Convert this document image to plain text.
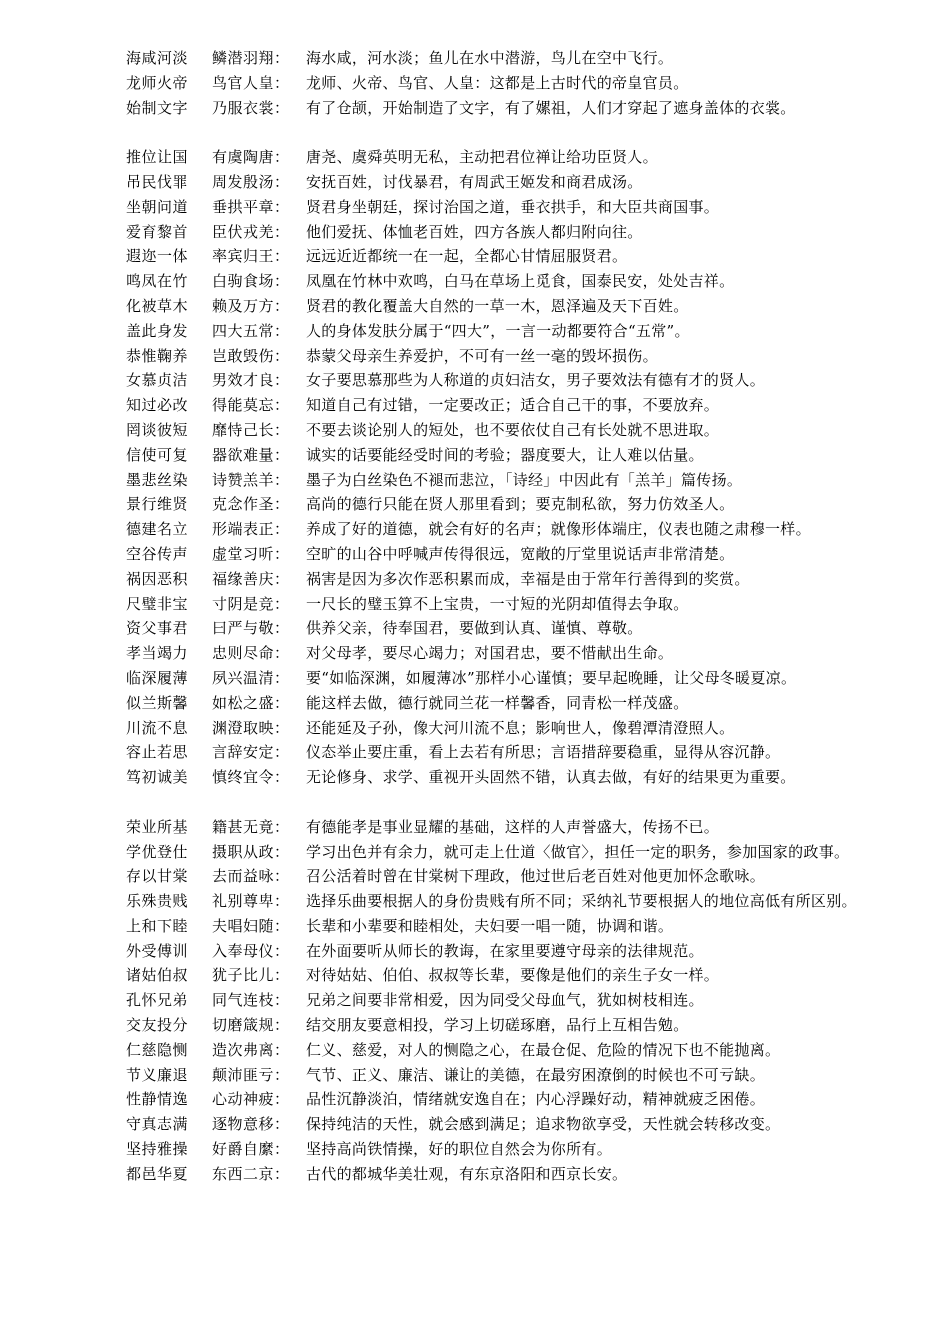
海咸河淡	鳞潜羽翔：	海水咸，河水淡；鱼儿在水中潜游，鸟儿在空中飞行。
龙师火帝	鸟官人皇：	龙师、火帝、鸟官、人皇：这都是上古时代的帝皇官员。
始制文字	乃服衣裳：	有了仓颉，开始制造了文字，有了嫘祖，人们才穿起了遮身盖体的衣裳。
推位让国	有虞陶唐：	唐尧、虞舜英明无私，主动把君位禅让给功臣贤人。
吊民伐罪	周发殷汤：	安抚百姓，讨伐暴君，有周武王姬发和商君成汤。
坐朝问道	垂拱平章：	贤君身坐朝廷，探讨治国之道，垂衣拱手，和大臣共商国事。
爱育黎首	臣伏戎羌：	他们爱抚、体恤老百姓，四方各族人都归附向往。
遐迩一体	率宾归王：	远远近近都统一在一起，全都心甘情屈服贤君。
鸣凤在竹	白驹食场：	凤凰在竹林中欢鸣，白马在草场上觅食，国泰民安，处处吉祥。
化被草木	赖及万方：	贤君的教化覆盖大自然的一草一木，恩泽遍及天下百姓。
盖此身发	四大五常：	人的身体发肤分属于“四大”，一言一动都要符合“五常”。
恭惟鞠养	岂敢毁伤：	恭蒙父母亲生养爱护，不可有一丝一毫的毁坏损伤。
女慕贞洁	男效才良：	女子要思慕那些为人称道的贞妇洁女，男子要效法有德有才的贤人。
知过必改	得能莫忘：	知道自己有过错，一定要改正；适合自己干的事，不要放弃。
罔谈彼短	靡恃己长：	不要去谈论别人的短处，也不要依仗自己有长处就不思进取。
信使可复	器欲难量：	诚实的话要能经受时间的考验；器度要大，让人难以估量。
墨悲丝染	诗赞羔羊：	墨子为白丝染色不褪而悲泣，「诗经」中因此有「羔羊」篇传扬。
景行维贤	克念作圣：	高尚的德行只能在贤人那里看到；要克制私欲，努力仿效圣人。
德建名立	形端表正：	养成了好的道德，就会有好的名声；就像形体端庄，仪表也随之肃穆一样。
空谷传声	虚堂习听：	空旷的山谷中呼喊声传得很远，宽敞的厅堂里说话声非常清楚。
祸因恶积	福缘善庆：	祸害是因为多次作恶积累而成，幸福是由于常年行善得到的奖赏。
尺璧非宝	寸阴是竞：	一尺长的璧玉算不上宝贵，一寸短的光阴却值得去争取。
资父事君	曰严与敬：	供养父亲，待奉国君，要做到认真、谨慎、尊敬。
孝当竭力	忠则尽命：	对父母孝，要尽心竭力；对国君忠，要不惜献出生命。
临深履薄	夙兴温清：	要“如临深渊，如履薄冰”那样小心谨慎；要早起晚睡，让父母冬暖夏凉。
似兰斯馨	如松之盛：	能这样去做，德行就同兰花一样馨香，同青松一样茂盛。
川流不息	渊澄取映：	还能延及子孙，像大河川流不息；影响世人，像碧潭清澄照人。
容止若思	言辞安定：	仪态举止要庄重，看上去若有所思；言语措辞要稳重，显得从容沉静。
笃初诚美	慎终宜令：	无论修身、求学、重视开头固然不错，认真去做，有好的结果更为重要。
荣业所基	籍甚无竟：	有德能孝是事业显耀的基础，这样的人声誉盛大，传扬不已。
学优登仕	摄职从政：	学习出色并有余力，就可走上仕道〈做官〉，担任一定的职务，参加国家的政事。
存以甘棠	去而益咏：	召公活着时曾在甘棠树下理政，他过世后老百姓对他更加怀念歌咏。
乐殊贵贱	礼别尊卑：	选择乐曲要根据人的身份贵贱有所不同；采纳礼节要根据人的地位高低有所区别。
上和下睦	夫唱妇随：	长辈和小辈要和睦相处，夫妇要一唱一随，协调和谐。
外受傅训	入奉母仪：	在外面要听从师长的教诲，在家里要遵守母亲的法律规范。
诸姑伯叔	犹子比儿：	对待姑姑、伯伯、叔叔等长辈，要像是他们的亲生子女一样。
孔怀兄弟	同气连枝：	兄弟之间要非常相爱，因为同受父母血气，犹如树枝相连。
交友投分	切磨箴规：	结交朋友要意相投，学习上切磋琢磨，品行上互相告勉。
仁慈隐恻	造次弗离：	仁义、慈爱，对人的恻隐之心，在最仓促、危险的情况下也不能抛离。
节义廉退	颠沛匪亏：	气节、正义、廉洁、谦让的美德，在最穷困潦倒的时候也不可亏缺。
性静情逸	心动神疲：	品性沉静淡泊，情绪就安逸自在；内心浮躁好动，精神就疲乏困倦。
守真志满	逐物意移：	保持纯洁的天性，就会感到满足；追求物欲享受，天性就会转移改变。
坚持雅操	好爵自縻：	坚持高尚铁情操，好的职位自然会为你所有。
都邑华夏	东西二京：	古代的都城华美壮观，有东京洛阳和西京长安。
